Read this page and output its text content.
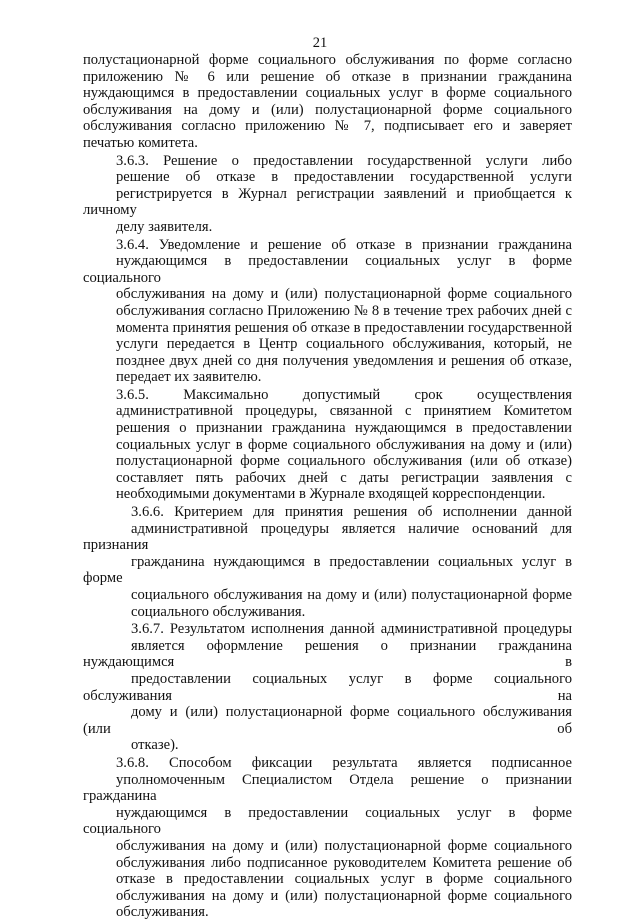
21
полустационарной форме социального обслуживания по форме согласно
приложению № 6 или решение об отказе в признании гражданина
нуждающимся в предоставлении социальных услуг в форме социального
обслуживания на дому и (или) полустационарной форме социального
обслуживания согласно приложению № 7, подписывает его и заверяет
печатью комитета.
3.6.3. Решение о предоставлении государственной услуги либо
решение об отказе в предоставлении государственной услуги
регистрируется в Журнал регистрации заявлений и приобщается к личному
делу заявителя.
3.6.4. Уведомление и решение об отказе в признании гражданина
нуждающимся в предоставлении социальных услуг в форме социального
обслуживания на дому и (или) полустационарной форме социального
обслуживания согласно Приложению № 8 в течение трех рабочих дней с
момента принятия решения об отказе в предоставлении государственной
услуги передается в Центр социального обслуживания, который, не
позднее двух дней со дня получения уведомления и решения об отказе,
передает их заявителю.
3.6.5. Максимально допустимый срок осуществления
административной процедуры, связанной с принятием Комитетом
решения о признании гражданина нуждающимся в предоставлении
социальных услуг в форме социального обслуживания на дому и (или)
полустационарной форме социального обслуживания (или об отказе)
составляет пять рабочих дней с даты регистрации заявления с
необходимыми документами в Журнале входящей корреспонденции.
3.6.6. Критерием для принятия решения об исполнении данной
административной процедуры является наличие оснований для признания
гражданина нуждающимся в предоставлении социальных услуг в форме
социального обслуживания на дому и (или) полустационарной форме
социального обслуживания.
3.6.7. Результатом исполнения данной административной процедуры
является оформление решения о признании гражданина нуждающимся в
предоставлении социальных услуг в форме социального обслуживания на
дому и (или) полустационарной форме социального обслуживания (или об
отказе).
3.6.8. Способом фиксации результата является подписанное
уполномоченным Специалистом Отдела решение о признании гражданина
нуждающимся в предоставлении социальных услуг в форме социального
обслуживания на дому и (или) полустационарной форме социального
обслуживания либо подписанное руководителем Комитета решение об
отказе в предоставлении социальных услуг в форме социального
обслуживания на дому и (или) полустационарной форме социального
обслуживания.
